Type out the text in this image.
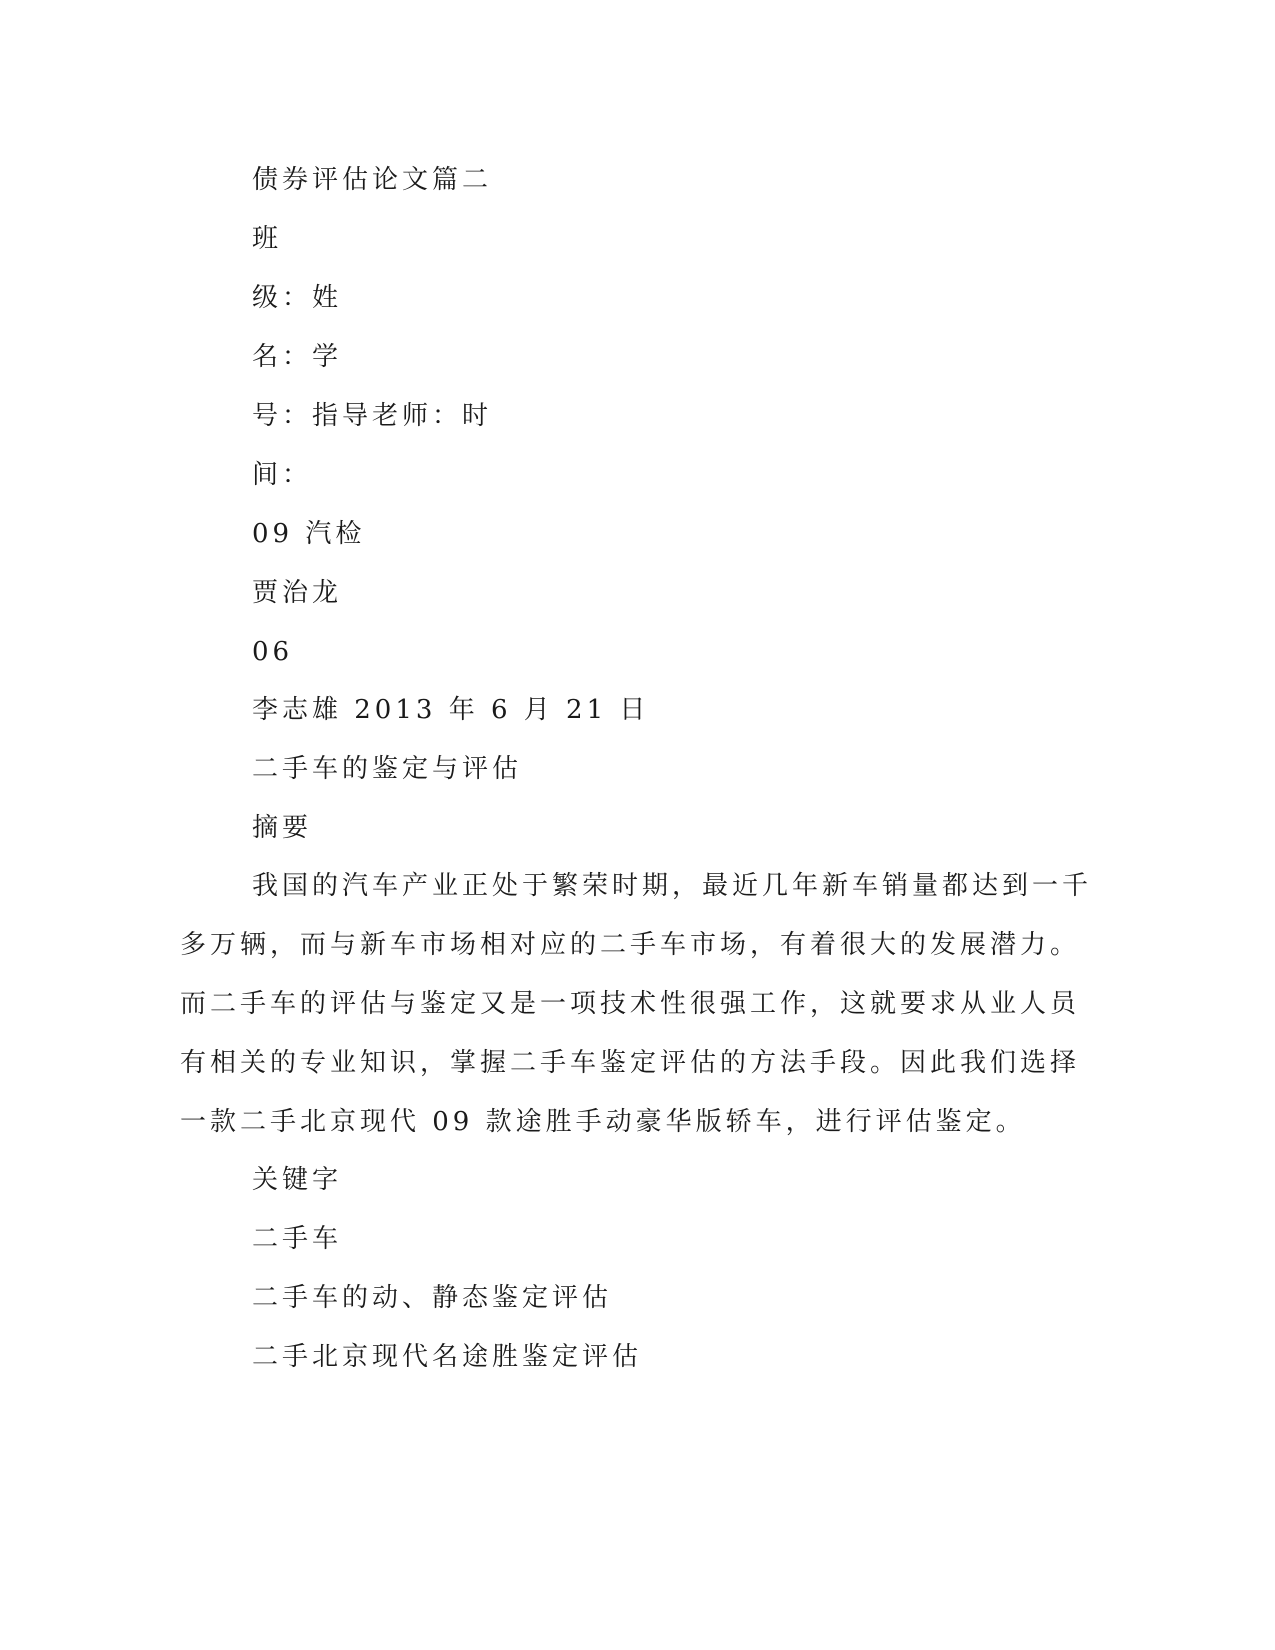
债券评估论文篇二
班
级：姓
名：学
号：指导老师：时
间：
09 汽检
贾治龙
06
李志雄 2013 年 6 月 21 日
二手车的鉴定与评估
摘要
我国的汽车产业正处于繁荣时期，最近几年新车销量都达到一千
多万辆，而与新车市场相对应的二手车市场，有着很大的发展潜力。
而二手车的评估与鉴定又是一项技术性很强工作，这就要求从业人员
有相关的专业知识，掌握二手车鉴定评估的方法手段。因此我们选择
一款二手北京现代 09 款途胜手动豪华版轿车，进行评估鉴定。
关键字
二手车
二手车的动、静态鉴定评估
二手北京现代名途胜鉴定评估
